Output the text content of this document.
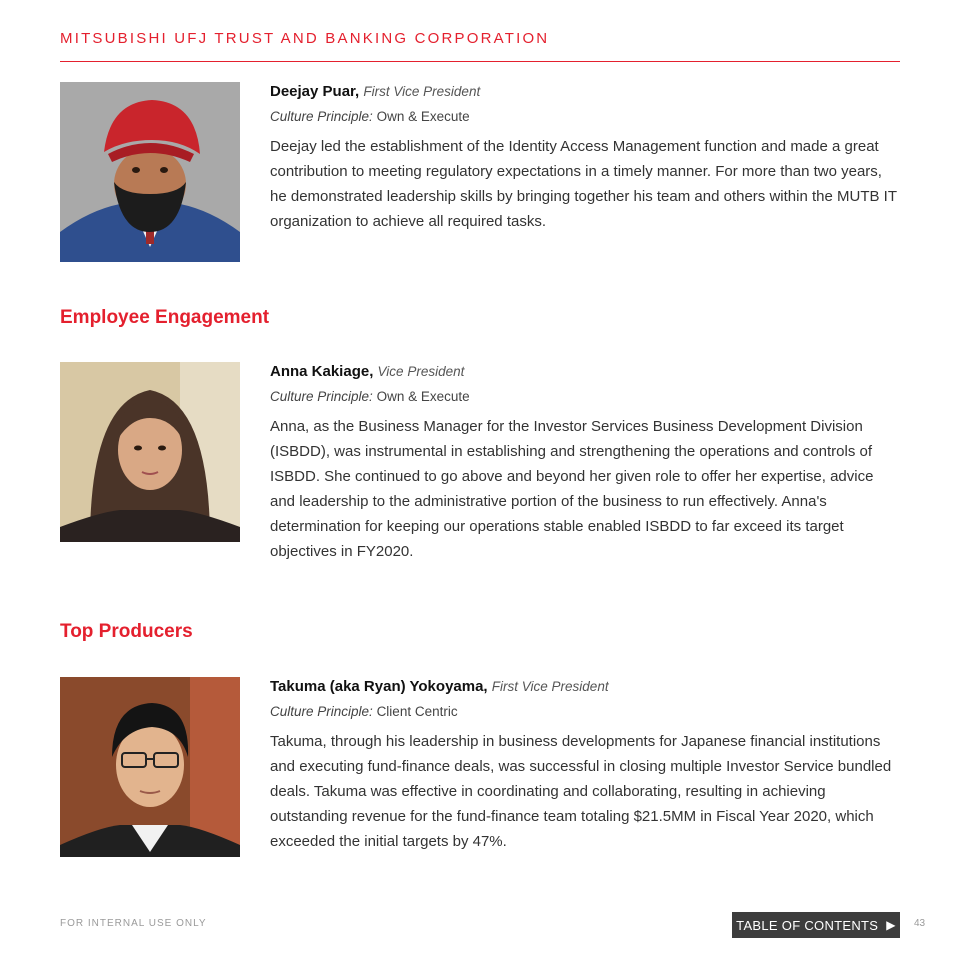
MITSUBISHI UFJ TRUST AND BANKING CORPORATION
Deejay Puar, First Vice President
Culture Principle: Own & Execute
Deejay led the establishment of the Identity Access Management function and made a great contribution to meeting regulatory expectations in a timely manner. For more than two years, he demonstrated leadership skills by bringing together his team and others within the MUTB IT organization to achieve all required tasks.
Employee Engagement
Anna Kakiage, Vice President
Culture Principle: Own & Execute
Anna, as the Business Manager for the Investor Services Business Development Division (ISBDD), was instrumental in establishing and strengthening the operations and controls of ISBDD. She continued to go above and beyond her given role to offer her expertise, advice and leadership to the administrative portion of the business to run effectively. Anna's determination for keeping our operations stable enabled ISBDD to far exceed its target objectives in FY2020.
Top Producers
Takuma (aka Ryan) Yokoyama, First Vice President
Culture Principle: Client Centric
Takuma, through his leadership in business developments for Japanese financial institutions and executing fund-finance deals, was successful in closing multiple Investor Service bundled deals. Takuma was effective in coordinating and collaborating, resulting in achieving outstanding revenue for the fund-finance team totaling $21.5MM in Fiscal Year 2020, which exceeded the initial targets by 47%.
FOR INTERNAL USE ONLY	TABLE OF CONTENTS ▶ 43
